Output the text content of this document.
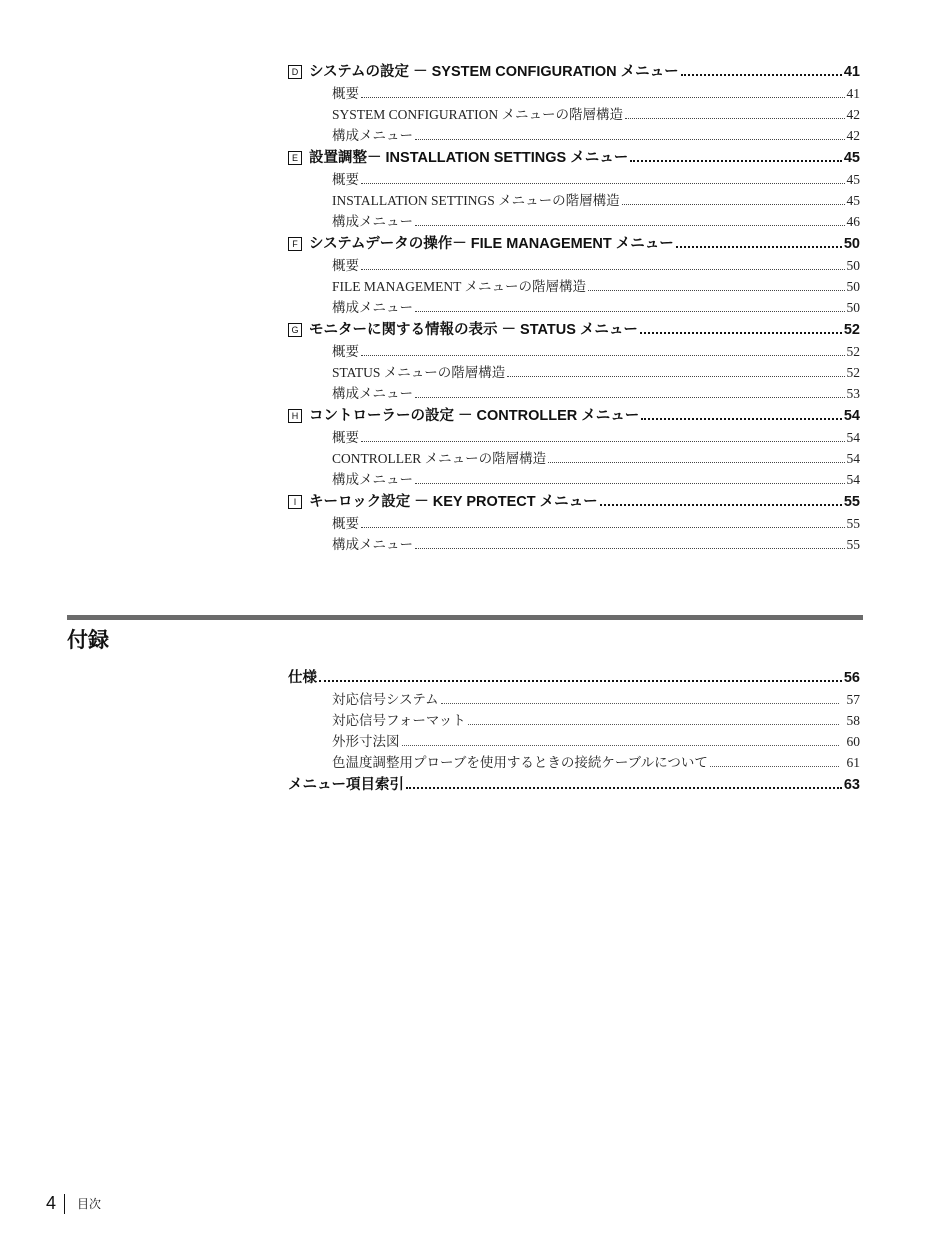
D システムの設定 － SYSTEM CONFIGURATION メニュー	41
概要	41
SYSTEM CONFIGURATION メニューの階層構造	42
構成メニュー	42
E 設置調整－ INSTALLATION SETTINGS メニュー	45
概要	45
INSTALLATION SETTINGS メニューの階層構造	45
構成メニュー	46
F システムデータの操作－ FILE MANAGEMENT メニュー	50
概要	50
FILE MANAGEMENT メニューの階層構造	50
構成メニュー	50
G モニターに関する情報の表示 － STATUS メニュー	52
概要	52
STATUS メニューの階層構造	52
構成メニュー	53
H コントローラーの設定 － CONTROLLER メニュー	54
概要	54
CONTROLLER メニューの階層構造	54
構成メニュー	54
I キーロック設定 － KEY PROTECT メニュー	55
概要	55
構成メニュー	55
付録
仕様	56
対応信号システム	57
対応信号フォーマット	58
外形寸法図	60
色温度調整用プローブを使用するときの接続ケーブルについて	61
メニュー項目索引	63
4 目次
